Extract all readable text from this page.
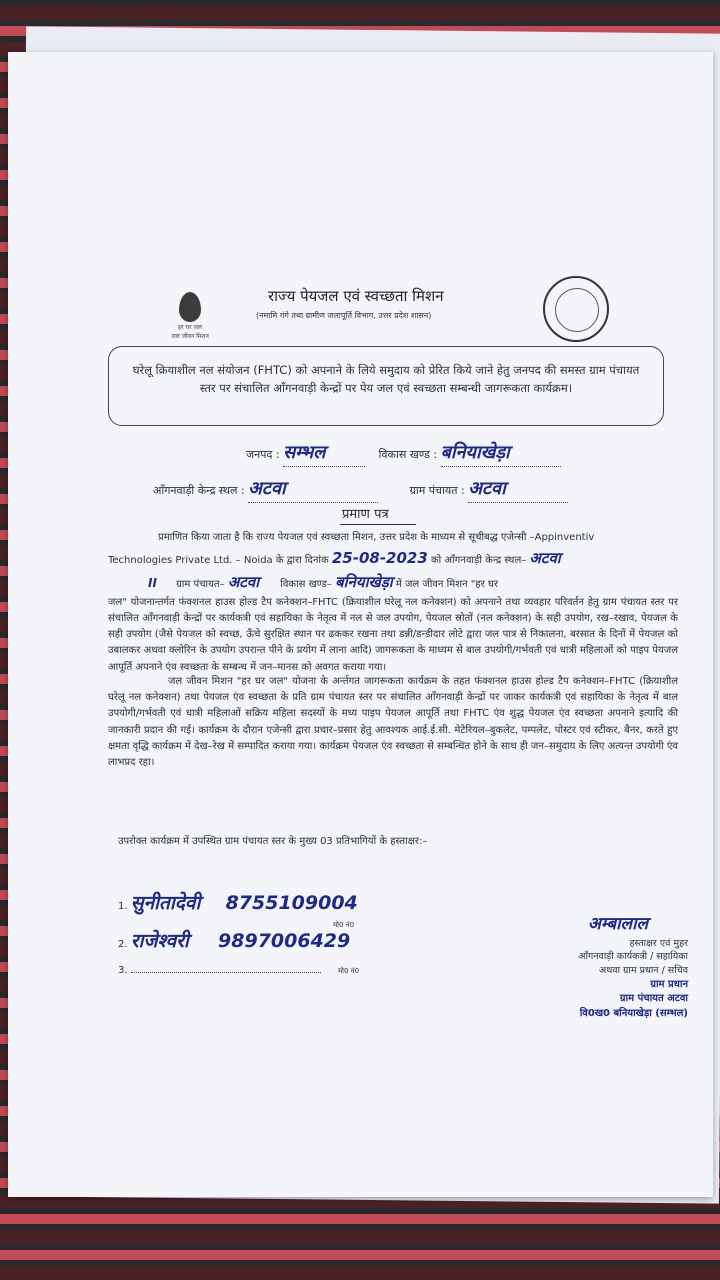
हर घर जल
जल जीवन मिशन
राज्य पेयजल एवं स्वच्छता मिशन
(नमामि गंगे तथा ग्रामीण जलापूर्ति विभाग, उत्तर प्रदेश शासन)
घरेलू क्रियाशील नल संयोजन (FHTC) को अपनाने के लिये समुदाय को प्रेरित किये जाने हेतु जनपद की समस्त ग्राम पंचायत स्तर पर संचालित आँगनवाड़ी केन्द्रों पर पेय जल एवं स्वच्छता सम्बन्धी जागरूकता कार्यक्रम।
जनपद : सम्भल	विकास खण्ड : बनियाखेड़ा
आँगनवाड़ी केन्द्र स्थल : अटवा	ग्राम पंचायत : अटवा
प्रमाण पत्र
प्रमाणित किया जाता है कि राज्य पेयजल एवं स्वच्छता मिशन, उत्तर प्रदेश के माध्यम से सूचीबद्ध एजेन्सी –Appinventiv
Technologies Private Ltd. – Noida के द्वारा दिनांक 25-08-2023 को आँगनवाड़ी केन्द्र स्थल– अटवा
II ग्राम पंचायत– अटवा विकास खण्ड– बनियाखेड़ा में जल जीवन मिशन "हर घर
जल" योजनान्तर्गत फंक्शनल हाउस होल्ड टैप कनेक्शन–FHTC (क्रियाशील घरेलू नल कनेक्शन) को अपनाने तथा व्यवहार परिवर्तन हेतु ग्राम पंचायत स्तर पर संचालित आँगनवाड़ी केन्द्रों पर कार्यकत्री एवं सहायिका के नेतृत्व में नल से जल उपयोग, पेयजल स्रोतों (नल कनेक्शन) के सही उपयोग, रख–रखाव, पेयजल के सही उपयोग (जैसे पेयजल को स्वच्छ, ऊँचे सुरक्षित स्थान पर ढककर रखना तथा डन्नी/डन्डीदार लोटे द्वारा जल पात्र से निकालना, बरसात के दिनों में पेयजल को उबालकर अथवा क्लोरिन के उपयोग उपरान्त पीने के प्रयोग में लाना आदि) जागरूकता के माध्यम से बाल उपयोगी/गर्भवती एवं धात्री महिलाओं को पाइप पेयजल आपूर्ति अपनाने एंव स्वच्छता के सम्बन्ध में जन–मानस को अवगत कराया गया।
जल जीवन मिशन "हर घर जल" योजना के अर्न्तगत जागरूकता कार्यक्रम के तहत फंक्शनल हाउस होल्ड टैप कनेक्शन–FHTC (क्रियाशील घरेलू नल कनेक्शन) तथा पेयजल एंव स्वच्छता के प्रति ग्राम पंचायत स्तर पर संचालित आँगनवाड़ी केन्द्रों पर जाकर कार्यकत्री एवं सहायिका के नेतृत्व में बाल उपयोगी/गर्भवती एवं धात्री महिलाओं सक्रिय महिला सदस्यों के मध्य पाइप पेयजल आपूर्ति तथा FHTC एंव शुद्ध पेयजल एंव स्वच्छता अपनाने इत्यादि की जानकारी प्रदान की गई। कार्यक्रम के दौरान एजेन्सी द्वारा प्रचार–प्रसार हेतु आवश्यक आई.ई.सी. मेटेरियल–बुकलेट, पम्पलेट, पोस्टर एवं स्टीकर, बैनर, करते हुए क्षमता वृद्धि कार्यक्रम में देख–रेख में सम्पादित कराया गया। कार्यक्रम पेयजल एंव स्वच्छता से सम्बन्धित होने के साथ ही जन–समुदाय के लिए अत्यन्त उपयोगी एंव लाभप्रद रहा।
उपरोक्त कार्यक्रम में उपस्थित ग्राम पंचायत स्तर के मुख्य 03 प्रतिभागियों के हस्ताक्षर:–
1. सुनीतादेवी 8755109004
मो0 नं0
2. राजेश्वरी 9897006429
3.	मो0 नं0
अम्बालाल
हस्ताक्षर एवं मुहर
आँगनवाड़ी कार्यकत्री / सहायिका
अथवा ग्राम प्रधान / सचिव
ग्राम प्रधान
ग्राम पंचायत अटवा
वि0ख0 बनियाखेड़ा (सम्भल)
